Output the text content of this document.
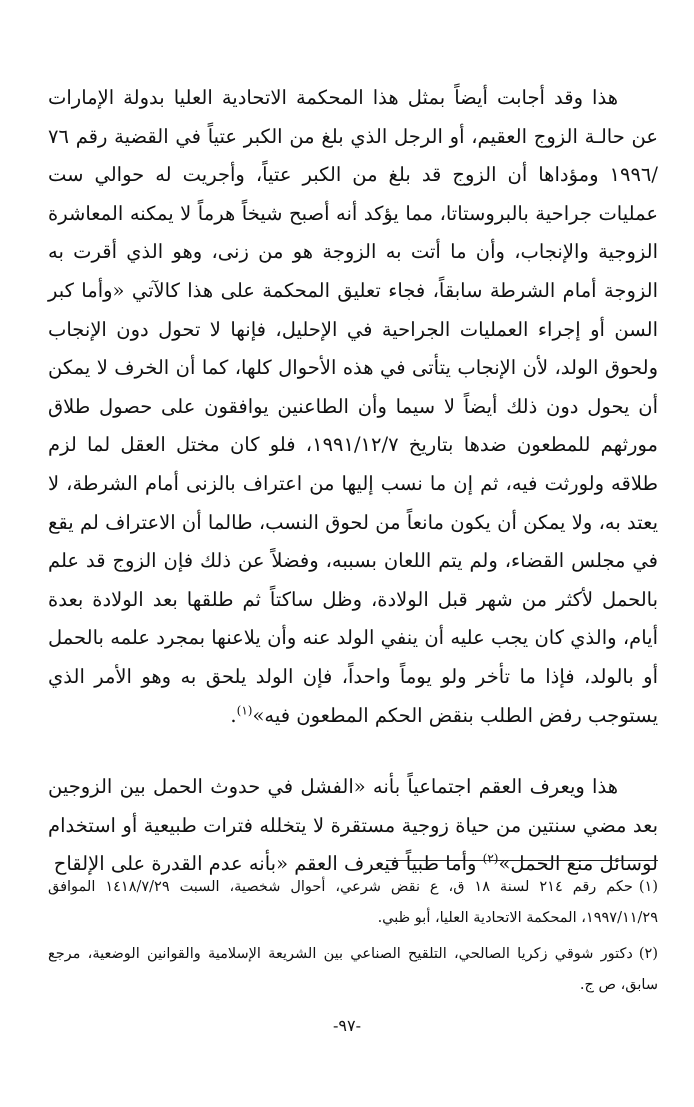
هذا وقد أجابت أيضاً بمثل هذا المحكمة الاتحادية العليا بدولة الإمارات عن حالـة الزوج العقيم، أو الرجل الذي بلغ من الكبر عتياً في القضية رقم ٧٦ /١٩٩٦ ومؤداها أن الزوج قد بلغ من الكبر عتياً، وأجريت له حوالي ست عمليات جراحية بالبروستاتا، مما يؤكد أنه أصبح شيخاً هرماً لا يمكنه المعاشرة الزوجية والإنجاب، وأن ما أتت به الزوجة هو من زنى، وهو الذي أقرت به الزوجة أمام الشرطة سابقاً، فجاء تعليق المحكمة على هذا كالآتي «وأما كبر السن أو إجراء العمليات الجراحية في الإحليل، فإنها لا تحول دون الإنجاب ولحوق الولد، لأن الإنجاب يتأتى في هذه الأحوال كلها، كما أن الخرف لا يمكن أن يحول دون ذلك أيضاً لا سيما وأن الطاعنين يوافقون على حصول طلاق مورثهم للمطعون ضدها بتاريخ ١٩٩١/١٢/٧، فلو كان مختل العقل لما لزم طلاقه ولورثت فيه، ثم إن ما نسب إليها من اعتراف بالزنى أمام الشرطة، لا يعتد به، ولا يمكن أن يكون مانعاً من لحوق النسب، طالما أن الاعتراف لم يقع في مجلس القضاء، ولم يتم اللعان بسببه، وفضلاً عن ذلك فإن الزوج قد علم بالحمل لأكثر من شهر قبل الولادة، وظل ساكتاً ثم طلقها بعد الولادة بعدة أيام، والذي كان يجب عليه أن ينفي الولد عنه وأن يلاعنها بمجرد علمه بالحمل أو بالولد، فإذا ما تأخر ولو يوماً واحداً، فإن الولد يلحق به وهو الأمر الذي يستوجب رفض الطلب بنقض الحكم المطعون فيه»$^{(١)}$.

هذا ويعرف العقم اجتماعياً بأنه «الفشل في حدوث الحمل بين الزوجين بعد مضي سنتين من حياة زوجية مستقرة لا يتخلله فترات طبيعية أو استخدام لوسائل منع الحمل»$^{(٢)}$ وأما طبياً فيعرف العقم «بأنه عدم القدرة على الإلقاح

(١)حكم رقم ٢١٤ لسنة ١٨ ق، ع نقض شرعي، أحوال شخصية، السبت ١٤١٨/٧/٢٩ الموافق ١٩٩٧/١١/٢٩، المحكمة الاتحادية العليا، أبو ظبي.

(٢)دكتور شوقي زكريا الصالحي، التلقيح الصناعي بين الشريعة الإسلامية والقوانين الوضعية، مرجع سابق، ص ج.

-٩٧-
